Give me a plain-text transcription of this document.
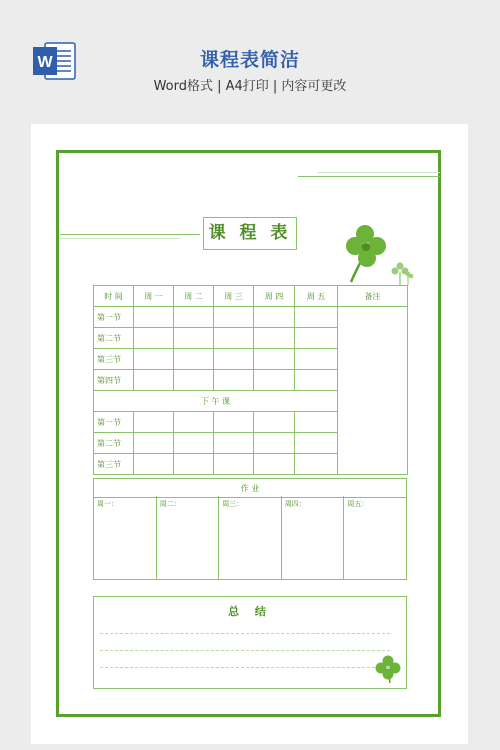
W	课程表简洁
Word格式 | A4打印 | 内容可更改
课 程 表
时 间	周 一	周 二	周 三	周 四	周 五	备注
第一节						
第二节						
第三节						
第四节						
下 午 课						
第一节						
第二节						
第三节						
作 业
周一：	周二：	周三：	周四：	周五：
总 结
